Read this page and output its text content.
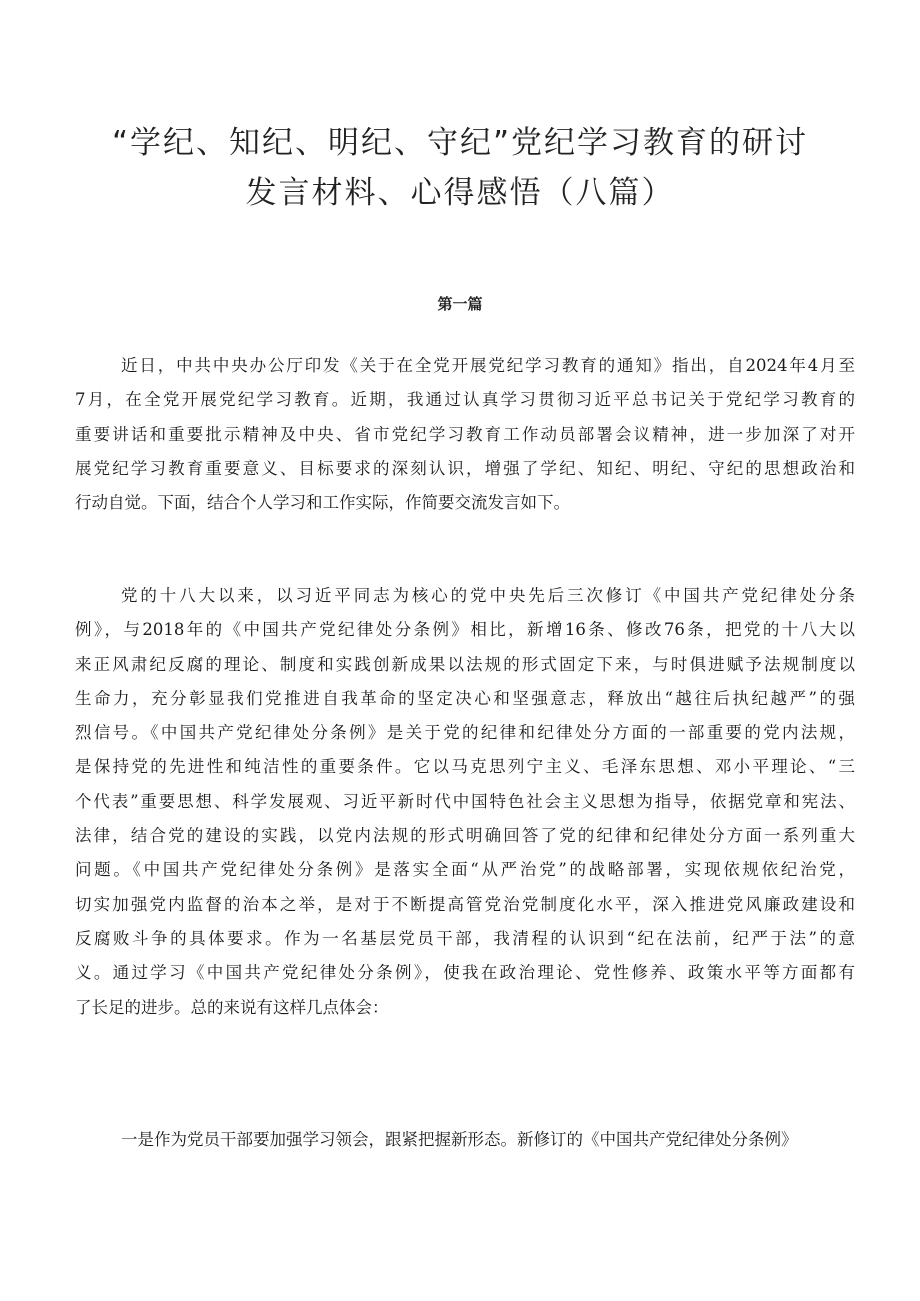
“学纪、知纪、明纪、守纪”党纪学习教育的研讨
发言材料、心得感悟（八篇）
第一篇

近日，中共中央办公厅印发《关于在全党开展党纪学习教育的通知》指出，自2024年4月至
7月，在全党开展党纪学习教育。近期，我通过认真学习贯彻习近平总书记关于党纪学习教育的
重要讲话和重要批示精神及中央、省市党纪学习教育工作动员部署会议精神，进一步加深了对开
展党纪学习教育重要意义、目标要求的深刻认识，增强了学纪、知纪、明纪、守纪的思想政治和
行动自觉。下面，结合个人学习和工作实际，作简要交流发言如下。

党的十八大以来，以习近平同志为核心的党中央先后三次修订《中国共产党纪律处分条
例》，与2018年的《中国共产党纪律处分条例》相比，新增16条、修改76条，把党的十八大以
来正风肃纪反腐的理论、制度和实践创新成果以法规的形式固定下来，与时俱进赋予法规制度以
生命力，充分彰显我们党推进自我革命的坚定决心和坚强意志，释放出“越往后执纪越严”的强
烈信号。《中国共产党纪律处分条例》是关于党的纪律和纪律处分方面的一部重要的党内法规，
是保持党的先进性和纯洁性的重要条件。它以马克思列宁主义、毛泽东思想、邓小平理论、“三
个代表”重要思想、科学发展观、习近平新时代中国特色社会主义思想为指导，依据党章和宪法、
法律，结合党的建设的实践，以党内法规的形式明确回答了党的纪律和纪律处分方面一系列重大
问题。《中国共产党纪律处分条例》是落实全面“从严治党”的战略部署，实现依规依纪治党，
切实加强党内监督的治本之举，是对于不断提高管党治党制度化水平，深入推进党风廉政建设和
反腐败斗争的具体要求。作为一名基层党员干部，我清程的认识到“纪在法前，纪严于法”的意
义。通过学习《中国共产党纪律处分条例》，使我在政治理论、党性修养、政策水平等方面都有
了长足的进步。总的来说有这样几点体会：

一是作为党员干部要加强学习领会，跟紧把握新形态。新修订的《中国共产党纪律处分条例》
